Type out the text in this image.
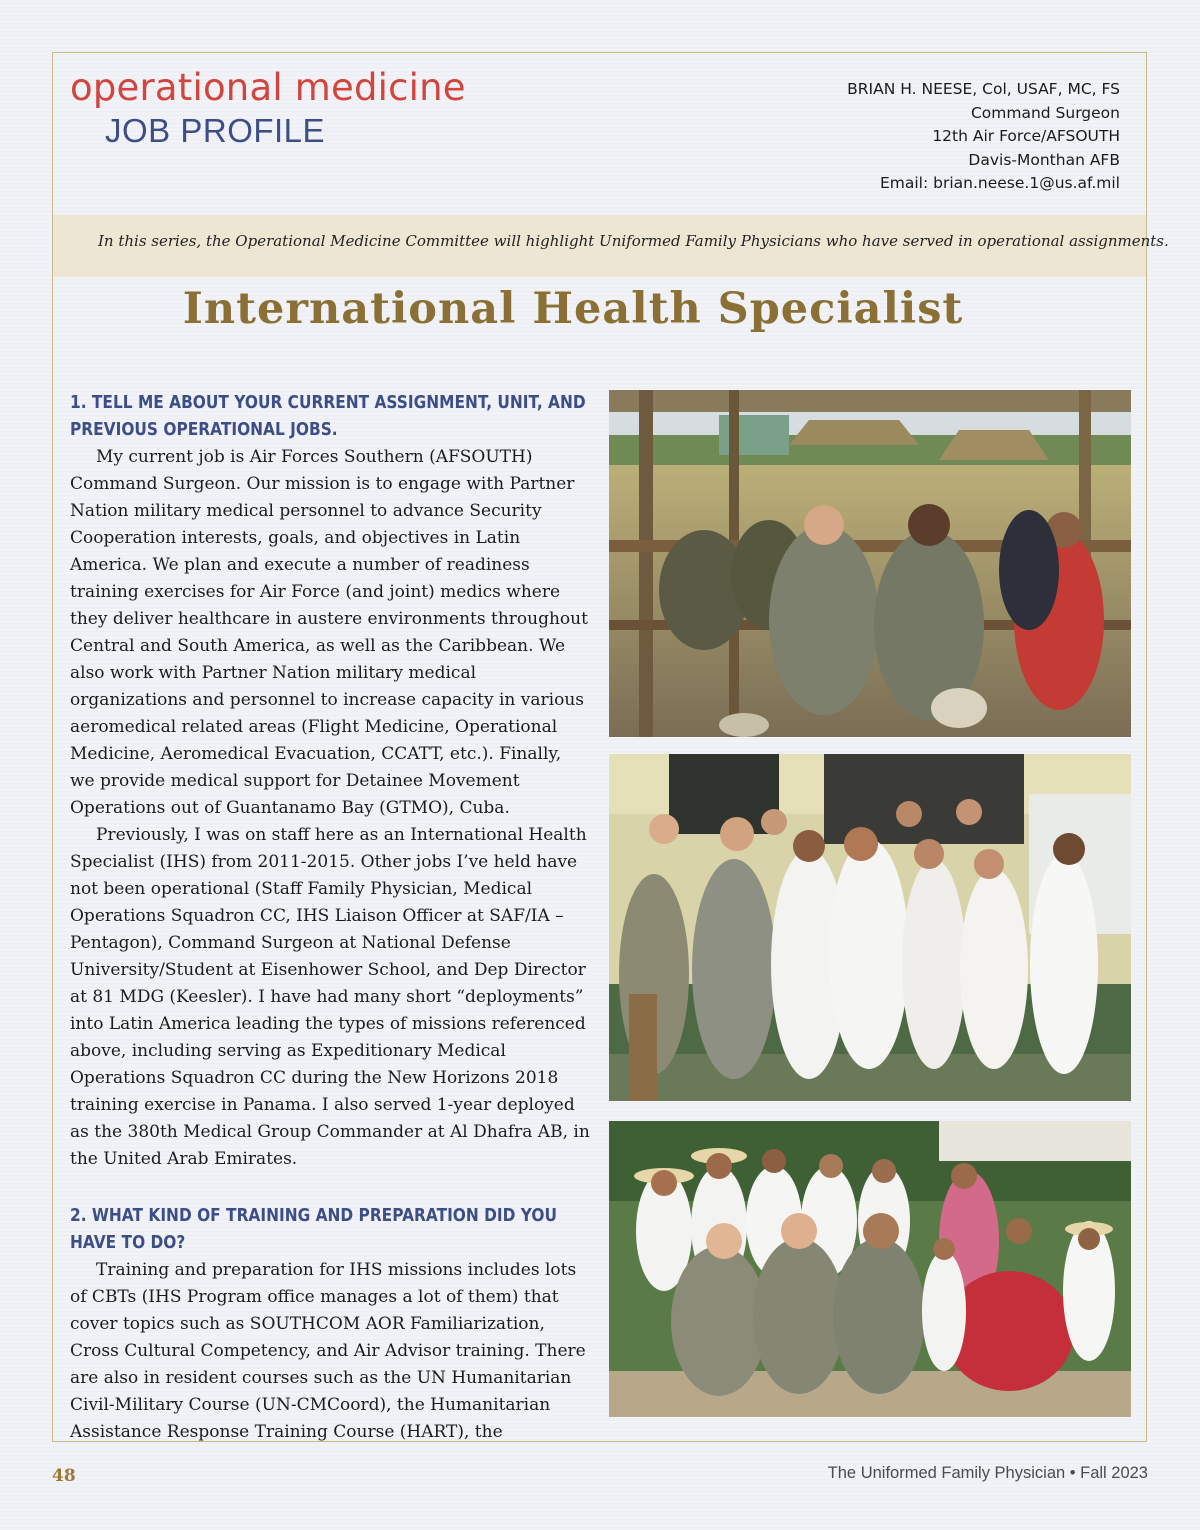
operational medicine
JOB PROFILE
BRIAN H. NEESE, Col, USAF, MC, FS
Command Surgeon
12th Air Force/AFSOUTH
Davis-Monthan AFB
Email: brian.neese.1@us.af.mil
In this series, the Operational Medicine Committee will highlight Uniformed Family Physicians who have served in operational assignments.
International Health Specialist

1. TELL ME ABOUT YOUR CURRENT ASSIGNMENT, UNIT, AND PREVIOUS OPERATIONAL JOBS.

My current job is Air Forces Southern (AFSOUTH) Command Surgeon. Our mission is to engage with Partner Nation military medical personnel to advance Security Cooperation interests, goals, and objectives in Latin America. We plan and execute a number of readiness training exercises for Air Force (and joint) medics where they deliver healthcare in austere environments throughout Central and South America, as well as the Caribbean. We also work with Partner Nation military medical organizations and personnel to increase capacity in various aeromedical related areas (Flight Medicine, Operational Medicine, Aeromedical Evacuation, CCATT, etc.). Finally, we provide medical support for Detainee Movement Operations out of Guantanamo Bay (GTMO), Cuba.

Previously, I was on staff here as an International Health Specialist (IHS) from 2011-2015. Other jobs I’ve held have not been operational (Staff Family Physician, Medical Operations Squadron CC, IHS Liaison Officer at SAF/IA – Pentagon), Command Surgeon at National Defense University/Student at Eisenhower School, and Dep Director at 81 MDG (Keesler). I have had many short “deployments” into Latin America leading the types of missions referenced above, including serving as Expeditionary Medical Operations Squadron CC during the New Horizons 2018 training exercise in Panama. I also served 1-year deployed as the 380th Medical Group Commander at Al Dhafra AB, in the United Arab Emirates.

2. WHAT KIND OF TRAINING AND PREPARATION DID YOU HAVE TO DO?

Training and preparation for IHS missions includes lots of CBTs (IHS Program office manages a lot of them) that cover topics such as SOUTHCOM AOR Familiarization, Cross Cultural Competency, and Air Advisor training. There are also in resident courses such as the UN Humanitarian Civil-Military Course (UN-CMCoord), the Humanitarian Assistance Response Training Course (HART), the

48	The Uniformed Family Physician • Fall 2023
